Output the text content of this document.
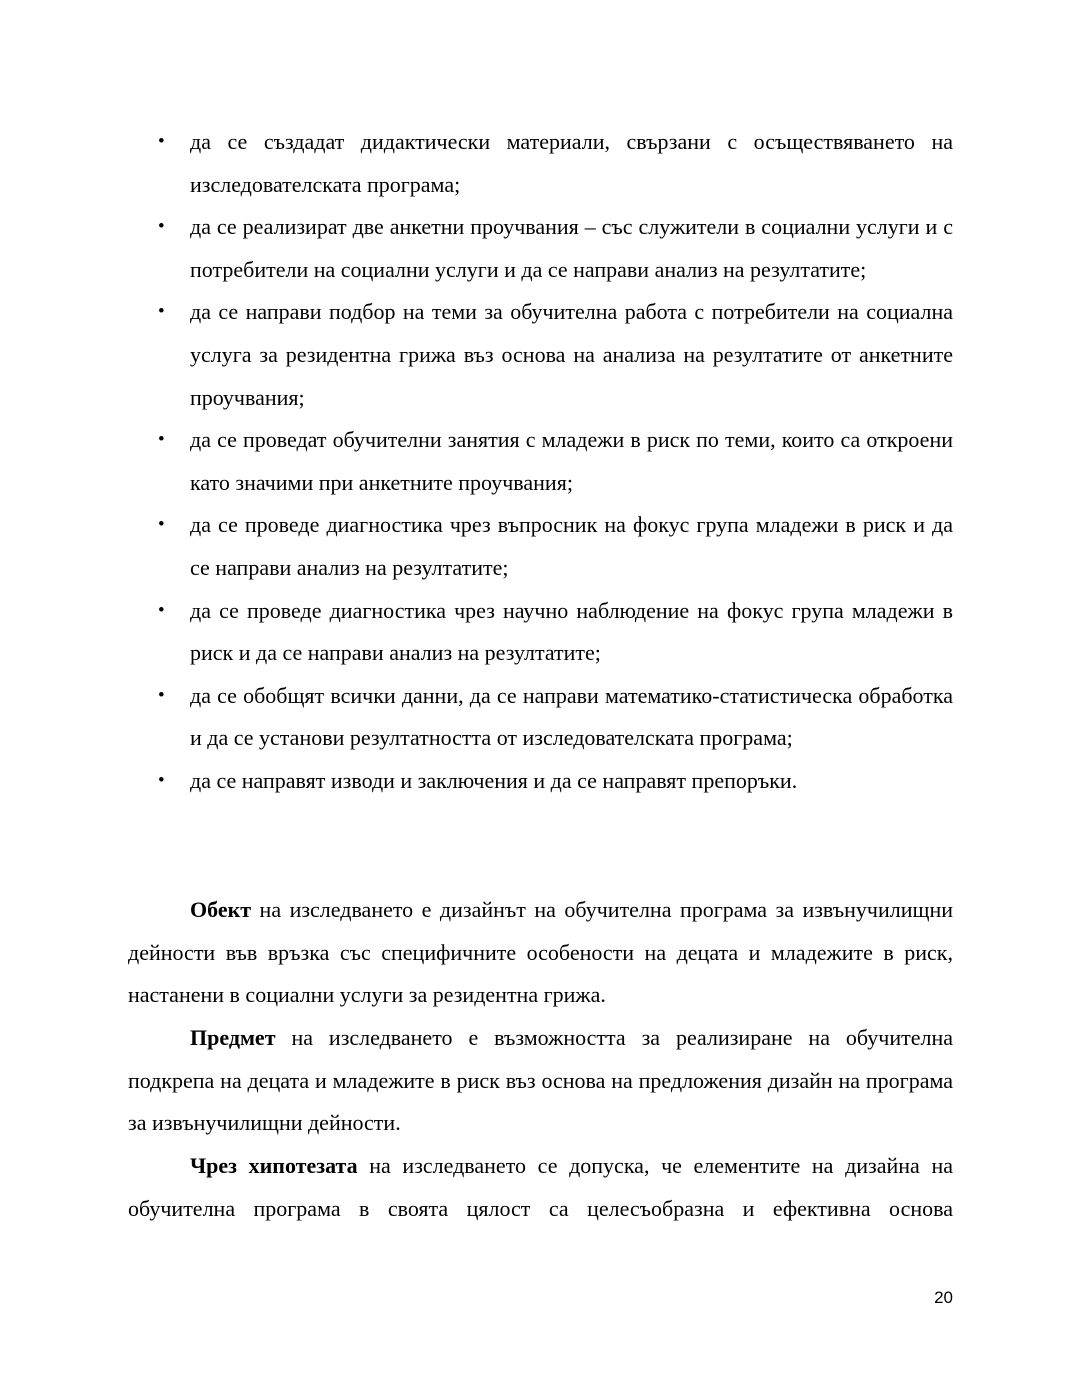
• да се създадат дидактически материали, свързани с осъществяването на изследователската програма;
• да се реализират две анкетни проучвания – със служители в социални услуги и с потребители на социални услуги и да се направи анализ на резултатите;
• да се направи подбор на теми за обучителна работа с потребители на социална услуга за резидентна грижа въз основа на анализа на резултатите от анкетните проучвания;
• да се проведат обучителни занятия с младежи в риск по теми, които са откроени като значими при анкетните проучвания;
• да се проведе диагностика чрез въпросник на фокус група младежи в риск и да се направи анализ на резултатите;
• да се проведе диагностика чрез научно наблюдение на фокус група младежи в риск и да се направи анализ на резултатите;
• да се обобщят всички данни, да се направи математико-статистическа обработка и да се установи резултатността от изследователската програма;
• да се направят изводи и заключения и да се направят препоръки.

Обект на изследването е дизайнът на обучителна програма за извънучилищни дейности във връзка със специфичните особености на децата и младежите в риск, настанени в социални услуги за резидентна грижа.

Предмет на изследването е възможността за реализиране на обучителна подкрепа на децата и младежите в риск въз основа на предложения дизайн на програма за извънучилищни дейности.

Чрез хипотезата на изследването се допуска, че елементите на дизайна на обучителна програма в своята цялост са целесъобразна и ефективна основа

20
